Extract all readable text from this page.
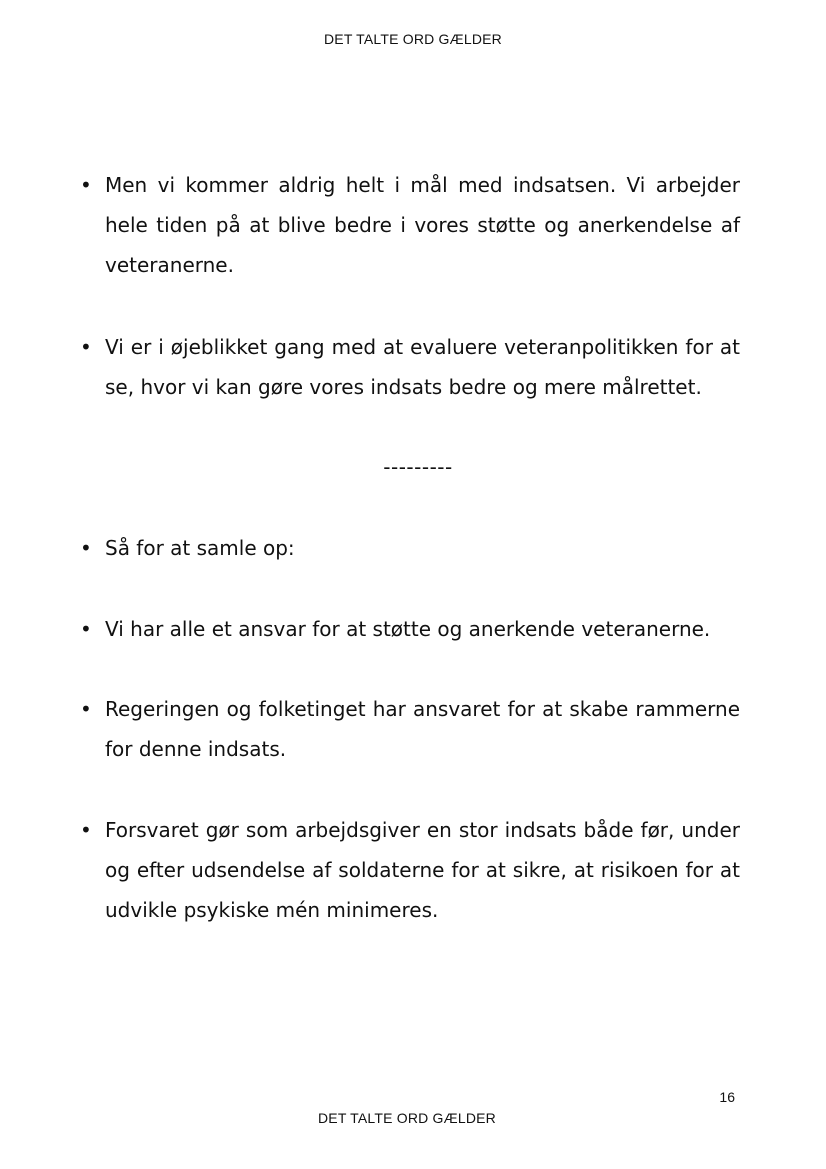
DET TALTE ORD GÆLDER
• Men vi kommer aldrig helt i mål med indsatsen. Vi arbejder hele tiden på at blive bedre i vores støtte og anerkendelse af veteranerne.
• Vi er i øjeblikket gang med at evaluere veteranpolitikken for at se, hvor vi kan gøre vores indsats bedre og mere målrettet.
---------
• Så for at samle op:
• Vi har alle et ansvar for at støtte og anerkende veteranerne.
• Regeringen og folketinget har ansvaret for at skabe rammerne for denne indsats.
• Forsvaret gør som arbejdsgiver en stor indsats både før, under og efter udsendelse af soldaterne for at sikre, at risikoen for at udvikle psykiske mén minimeres.
16
DET TALTE ORD GÆLDER
